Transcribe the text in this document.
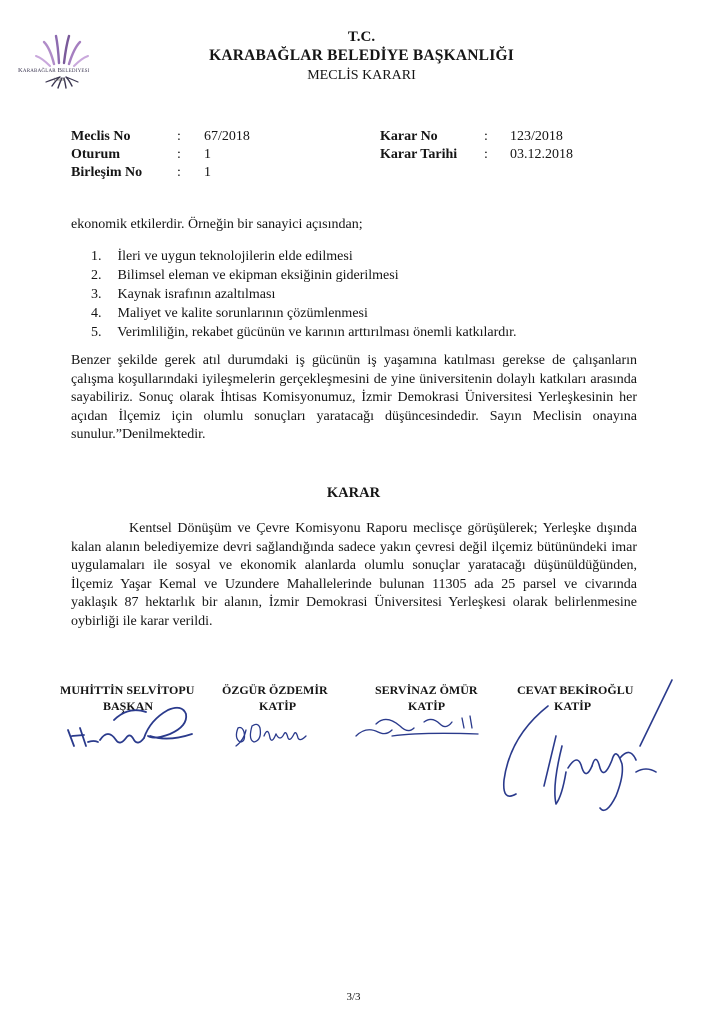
Karabağlar Belediyesi
İZMİR
T.C.
KARABAĞLAR BELEDİYE BAŞKANLIĞI
MECLİS KARARI
Meclis No	: 67/2018
Oturum	: 1
Birleşim No : 1
Karar No	: 123/2018
Karar Tarihi : 03.12.2018
ekonomik etkilerdir. Örneğin bir sanayici açısından;
1. İleri ve uygun teknolojilerin elde edilmesi
2. Bilimsel eleman ve ekipman eksiğinin giderilmesi
3. Kaynak israfının azaltılması
4. Maliyet ve kalite sorunlarının çözümlenmesi
5. Verimliliğin, rekabet gücünün ve karının arttırılması önemli katkılardır.
Benzer şekilde gerek atıl durumdaki iş gücünün iş yaşamına katılması gerekse de çalışanların çalışma koşullarındaki iyileşmelerin gerçekleşmesini de yine üniversitenin dolaylı katkıları arasında sayabiliriz. Sonuç olarak İhtisas Komisyonumuz, İzmir Demokrasi Üniversitesi Yerleşkesinin her açıdan İlçemiz için olumlu sonuçları yaratacağı düşüncesindedir. Sayın Meclisin onayına sunulur.”Denilmektedir.
KARAR
Kentsel Dönüşüm ve Çevre Komisyonu Raporu meclisçe görüşülerek; Yerleşke dışında kalan alanın belediyemize devri sağlandığında sadece yakın çevresi değil ilçemiz bütünündeki imar uygulamaları ile sosyal ve ekonomik alanlarda olumlu sonuçlar yaratacağı düşünüldüğünden, İlçemiz Yaşar Kemal ve Uzundere Mahallelerinde bulunan 11305 ada 25 parsel ve civarında yaklaşık 87 hektarlık bir alanın, İzmir Demokrasi Üniversitesi Yerleşkesi olarak belirlenmesine oybirliği ile karar verildi.
MUHİTTİN SELVİTOPU
BAŞKAN
ÖZGÜR ÖZDEMİR
KATİP
SERVİNAZ ÖMÜR
KATİP
CEVAT BEKİROĞLU
KATİP
3/3
